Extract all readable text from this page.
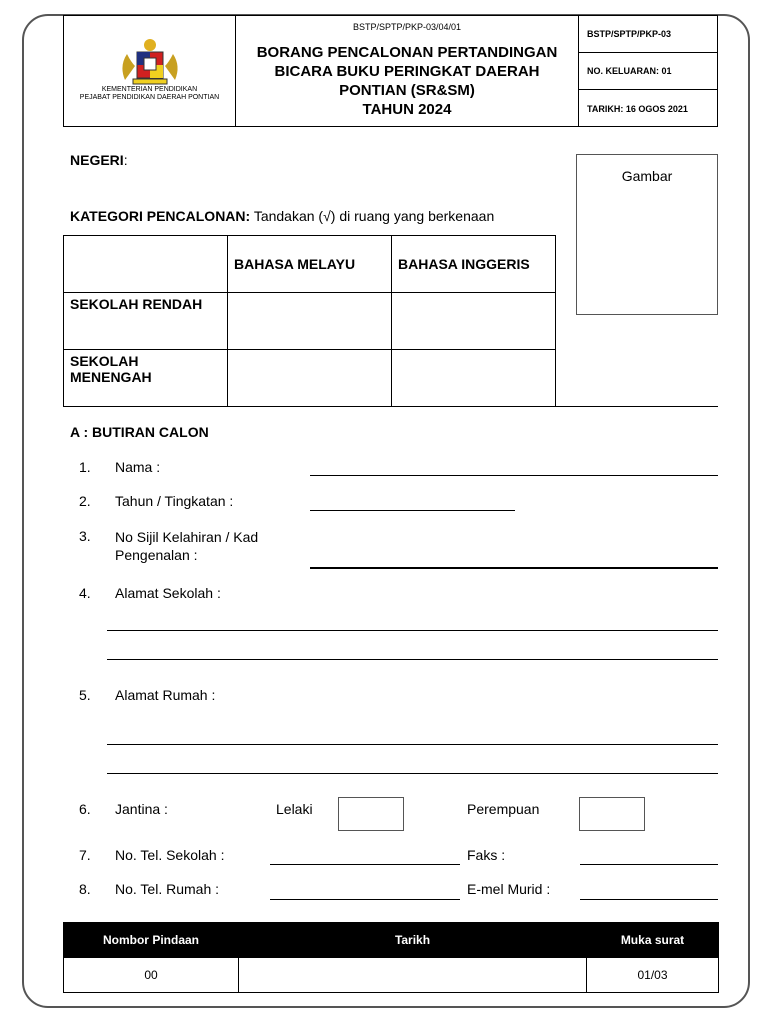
KEMENTERIAN PENDIDIKAN
PEJABAT PENDIDIKAN DAERAH PONTIAN
BSTP/SPTP/PKP-03/04/01
BORANG PENCALONAN PERTANDINGAN
BICARA BUKU PERINGKAT DAERAH
PONTIAN (SR&SM)
TAHUN 2024
BSTP/SPTP/PKP-03
NO. KELUARAN: 01
TARIKH: 16 OGOS 2021
NEGERI:
Gambar
KATEGORI PENCALONAN: Tandakan (√) di ruang yang berkenaan
	BAHASA MELAYU	BAHASA INGGERIS
SEKOLAH RENDAH		
SEKOLAH MENENGAH		
A : BUTIRAN CALON
1. Nama :
2. Tahun / Tingkatan :
3. No Sijil Kelahiran / Kad Pengenalan :
4. Alamat Sekolah :
5. Alamat Rumah :
6. Jantina :	Lelaki	Perempuan
7. No. Tel. Sekolah :	Faks :
8. No. Tel. Rumah :	E-mel Murid :
Nombor Pindaan	Tarikh	Muka surat
00		01/03
